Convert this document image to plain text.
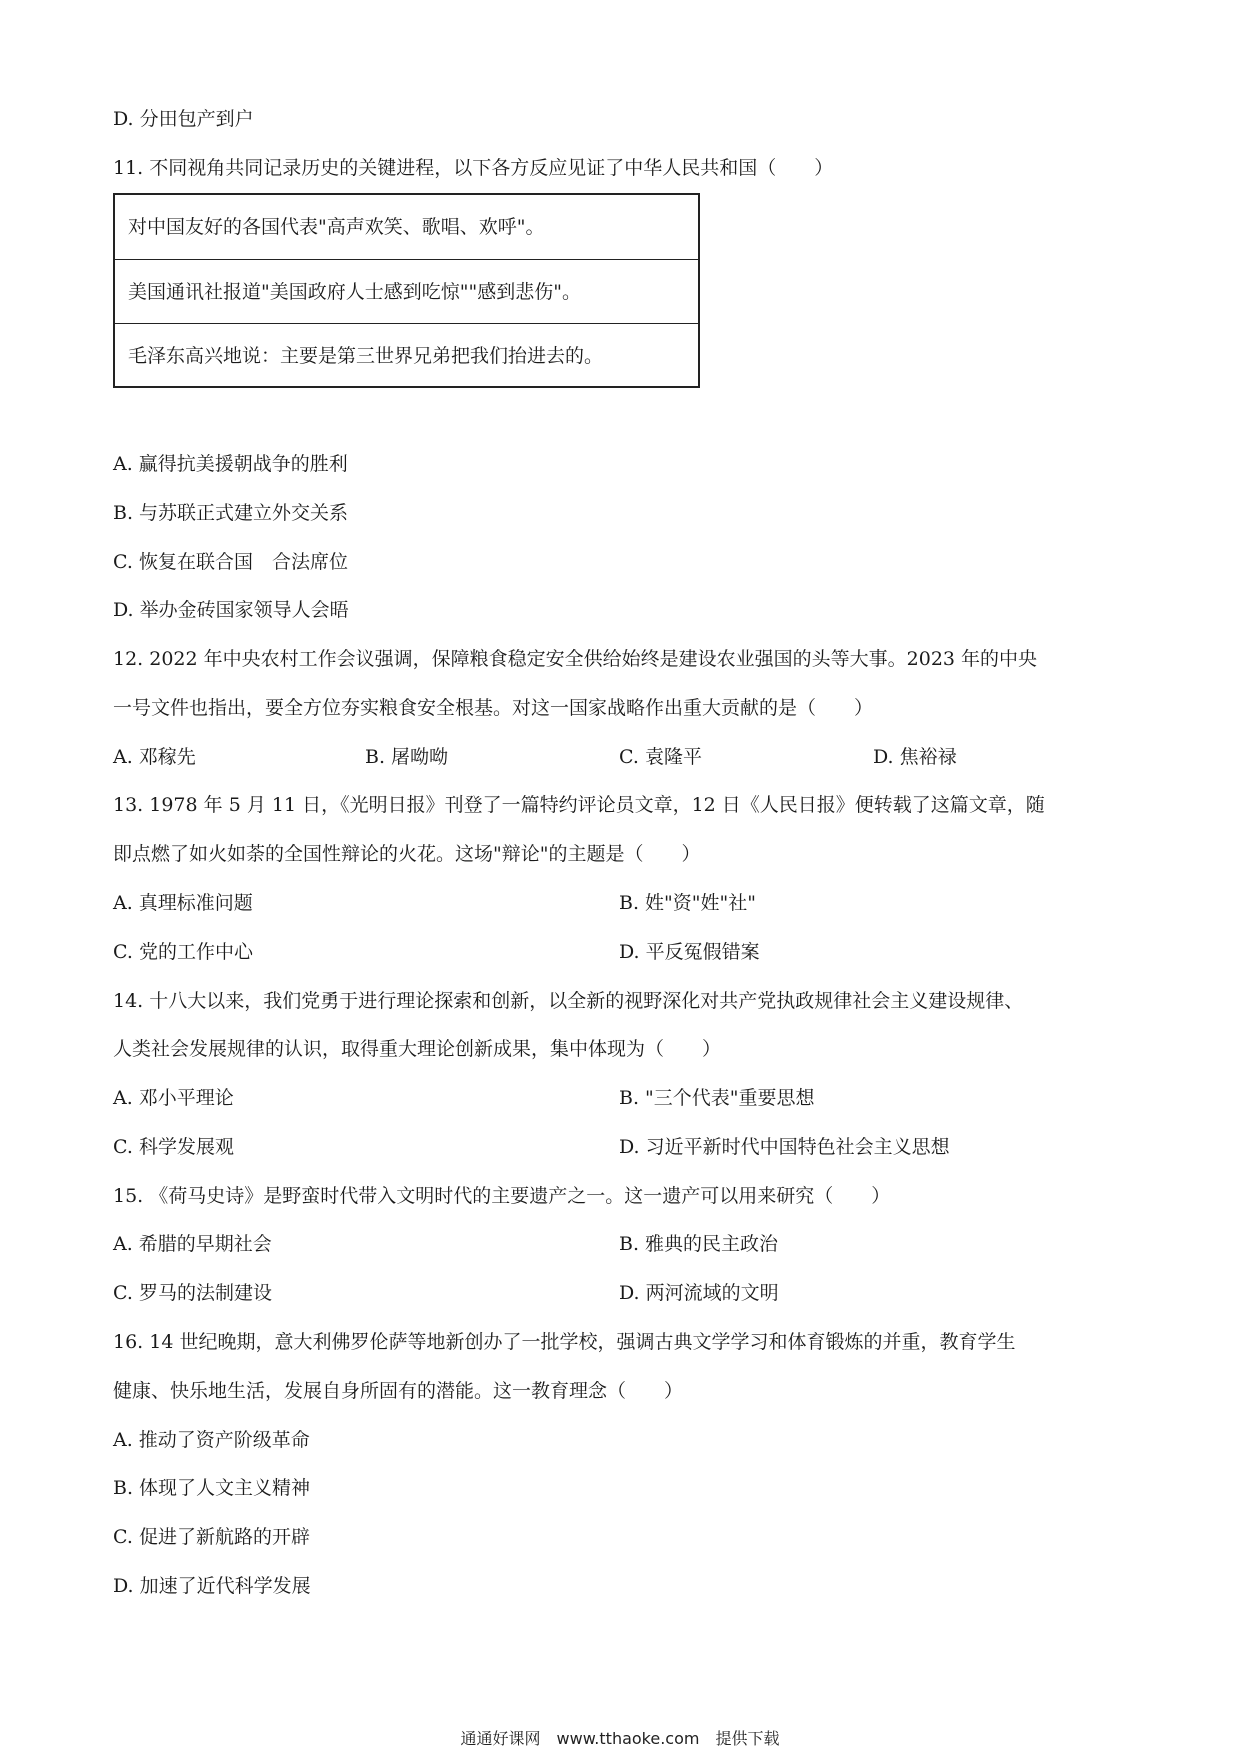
D. 分田包产到户
11. 不同视角共同记录历史的关键进程，以下各方反应见证了中华人民共和国（　　）
对中国友好的各国代表"高声欢笑、歌唱、欢呼"。
美国通讯社报道"美国政府人士感到吃惊""感到悲伤"。
毛泽东高兴地说：主要是第三世界兄弟把我们抬进去的。
A. 赢得抗美援朝战争的胜利
B. 与苏联正式建立外交关系
C. 恢复在联合国　合法席位
D. 举办金砖国家领导人会晤
12. 2022 年中央农村工作会议强调，保障粮食稳定安全供给始终是建设农业强国的头等大事。2023 年的中央
一号文件也指出，要全方位夯实粮食安全根基。对这一国家战略作出重大贡献的是（　　）
A. 邓稼先	B. 屠呦呦	C. 袁隆平	D. 焦裕禄
13. 1978 年 5 月 11 日，《光明日报》刊登了一篇特约评论员文章，12 日《人民日报》便转载了这篇文章，随
即点燃了如火如荼的全国性辩论的火花。这场"辩论"的主题是（　　）
A. 真理标准问题	B. 姓"资"姓"社"
C. 党的工作中心	D. 平反冤假错案
14. 十八大以来，我们党勇于进行理论探索和创新，以全新的视野深化对共产党执政规律社会主义建设规律、
人类社会发展规律的认识，取得重大理论创新成果，集中体现为（　　）
A. 邓小平理论	B. "三个代表"重要思想
C. 科学发展观	D. 习近平新时代中国特色社会主义思想
15. 《荷马史诗》是野蛮时代带入文明时代的主要遗产之一。这一遗产可以用来研究（　　）
A. 希腊的早期社会	B. 雅典的民主政治
C. 罗马的法制建设	D. 两河流域的文明
16. 14 世纪晚期，意大利佛罗伦萨等地新创办了一批学校，强调古典文学学习和体育锻炼的并重，教育学生
健康、快乐地生活，发展自身所固有的潜能。这一教育理念（　　）
A. 推动了资产阶级革命
B. 体现了人文主义精神
C. 促进了新航路的开辟
D. 加速了近代科学发展
通通好课网　www.tthaoke.com　提供下载
